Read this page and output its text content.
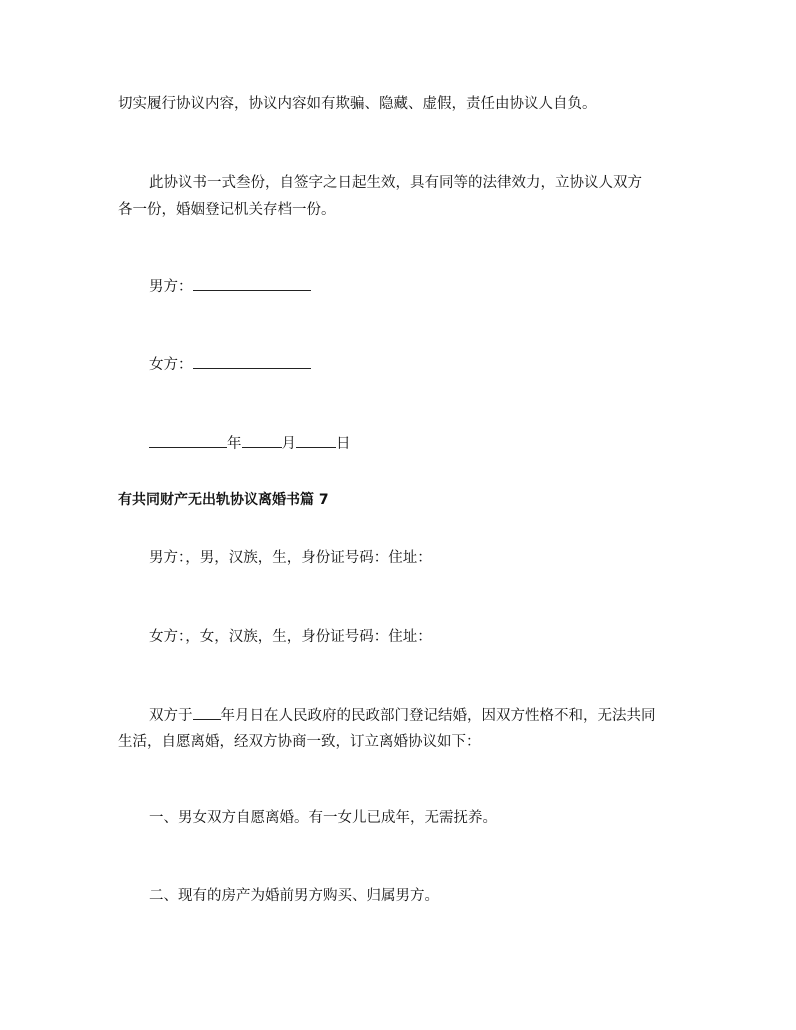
切实履行协议内容，协议内容如有欺骗、隐藏、虚假，责任由协议人自负。
此协议书一式叁份，自签字之日起生效，具有同等的法律效力，立协议人双方
各一份，婚姻登记机关存档一份。
男方：
女方：
年	月	日
有共同财产无出轨协议离婚书篇 7
男方：，男，汉族，生，身份证号码：住址：
女方：，女，汉族，生，身份证号码：住址：
双方于 年月日在人民政府的民政部门登记结婚，因双方性格不和，无法共同
生活，自愿离婚，经双方协商一致，订立离婚协议如下：
一、男女双方自愿离婚。有一女儿已成年，无需抚养。
二、现有的房产为婚前男方购买、归属男方。
